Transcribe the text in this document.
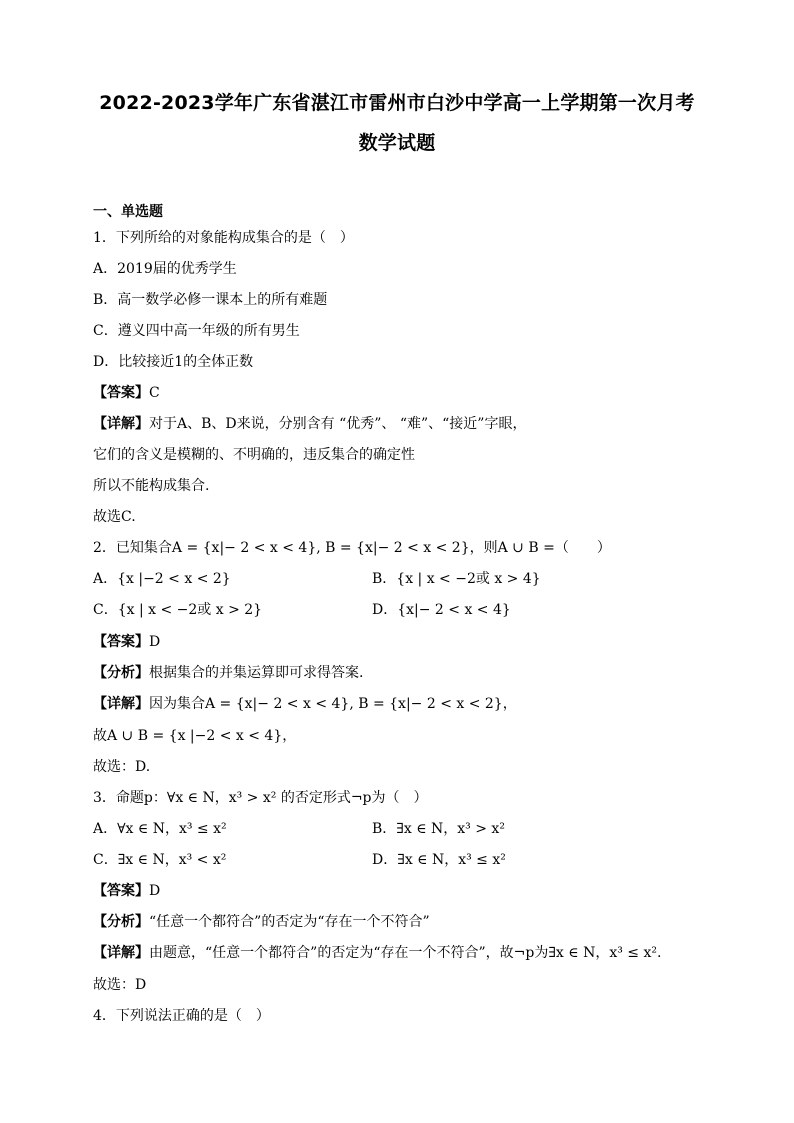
2022-2023学年广东省湛江市雷州市白沙中学高一上学期第一次月考
数学试题
一、单选题
1．下列所给的对象能构成集合的是（　）
A．2019届的优秀学生
B．高一数学必修一课本上的所有难题
C．遵义四中高一年级的所有男生
D．比较接近1的全体正数
【答案】C
【详解】对于A、B、D来说，分别含有 “优秀”、 “难”、“接近”字眼，
它们的含义是模糊的、不明确的，违反集合的确定性
所以不能构成集合.
故选C.
2．已知集合A = {x|− 2 < x < 4}, B = {x|− 2 < x < 2}，则A ∪ B =（　　）
A．{x |−2 < x < 2}	B．{x | x < −2或 x > 4}
C．{x | x < −2或 x > 2}	D．{x|− 2 < x < 4}
【答案】D
【分析】根据集合的并集运算即可求得答案.
【详解】因为集合A = {x|− 2 < x < 4}, B = {x|− 2 < x < 2}，
故A ∪ B = {x |−2 < x < 4}，
故选：D.
3．命题p：∀x ∈ N，x³ > x² 的否定形式¬p为（　）
A．∀x ∈ N，x³ ≤ x²	B．∃x ∈ N，x³ > x²
C．∃x ∈ N，x³ < x²	D．∃x ∈ N，x³ ≤ x²
【答案】D
【分析】“任意一个都符合”的否定为“存在一个不符合”
【详解】由题意，“任意一个都符合”的否定为“存在一个不符合”，故¬p为∃x ∈ N，x³ ≤ x².
故选：D
4．下列说法正确的是（　）
